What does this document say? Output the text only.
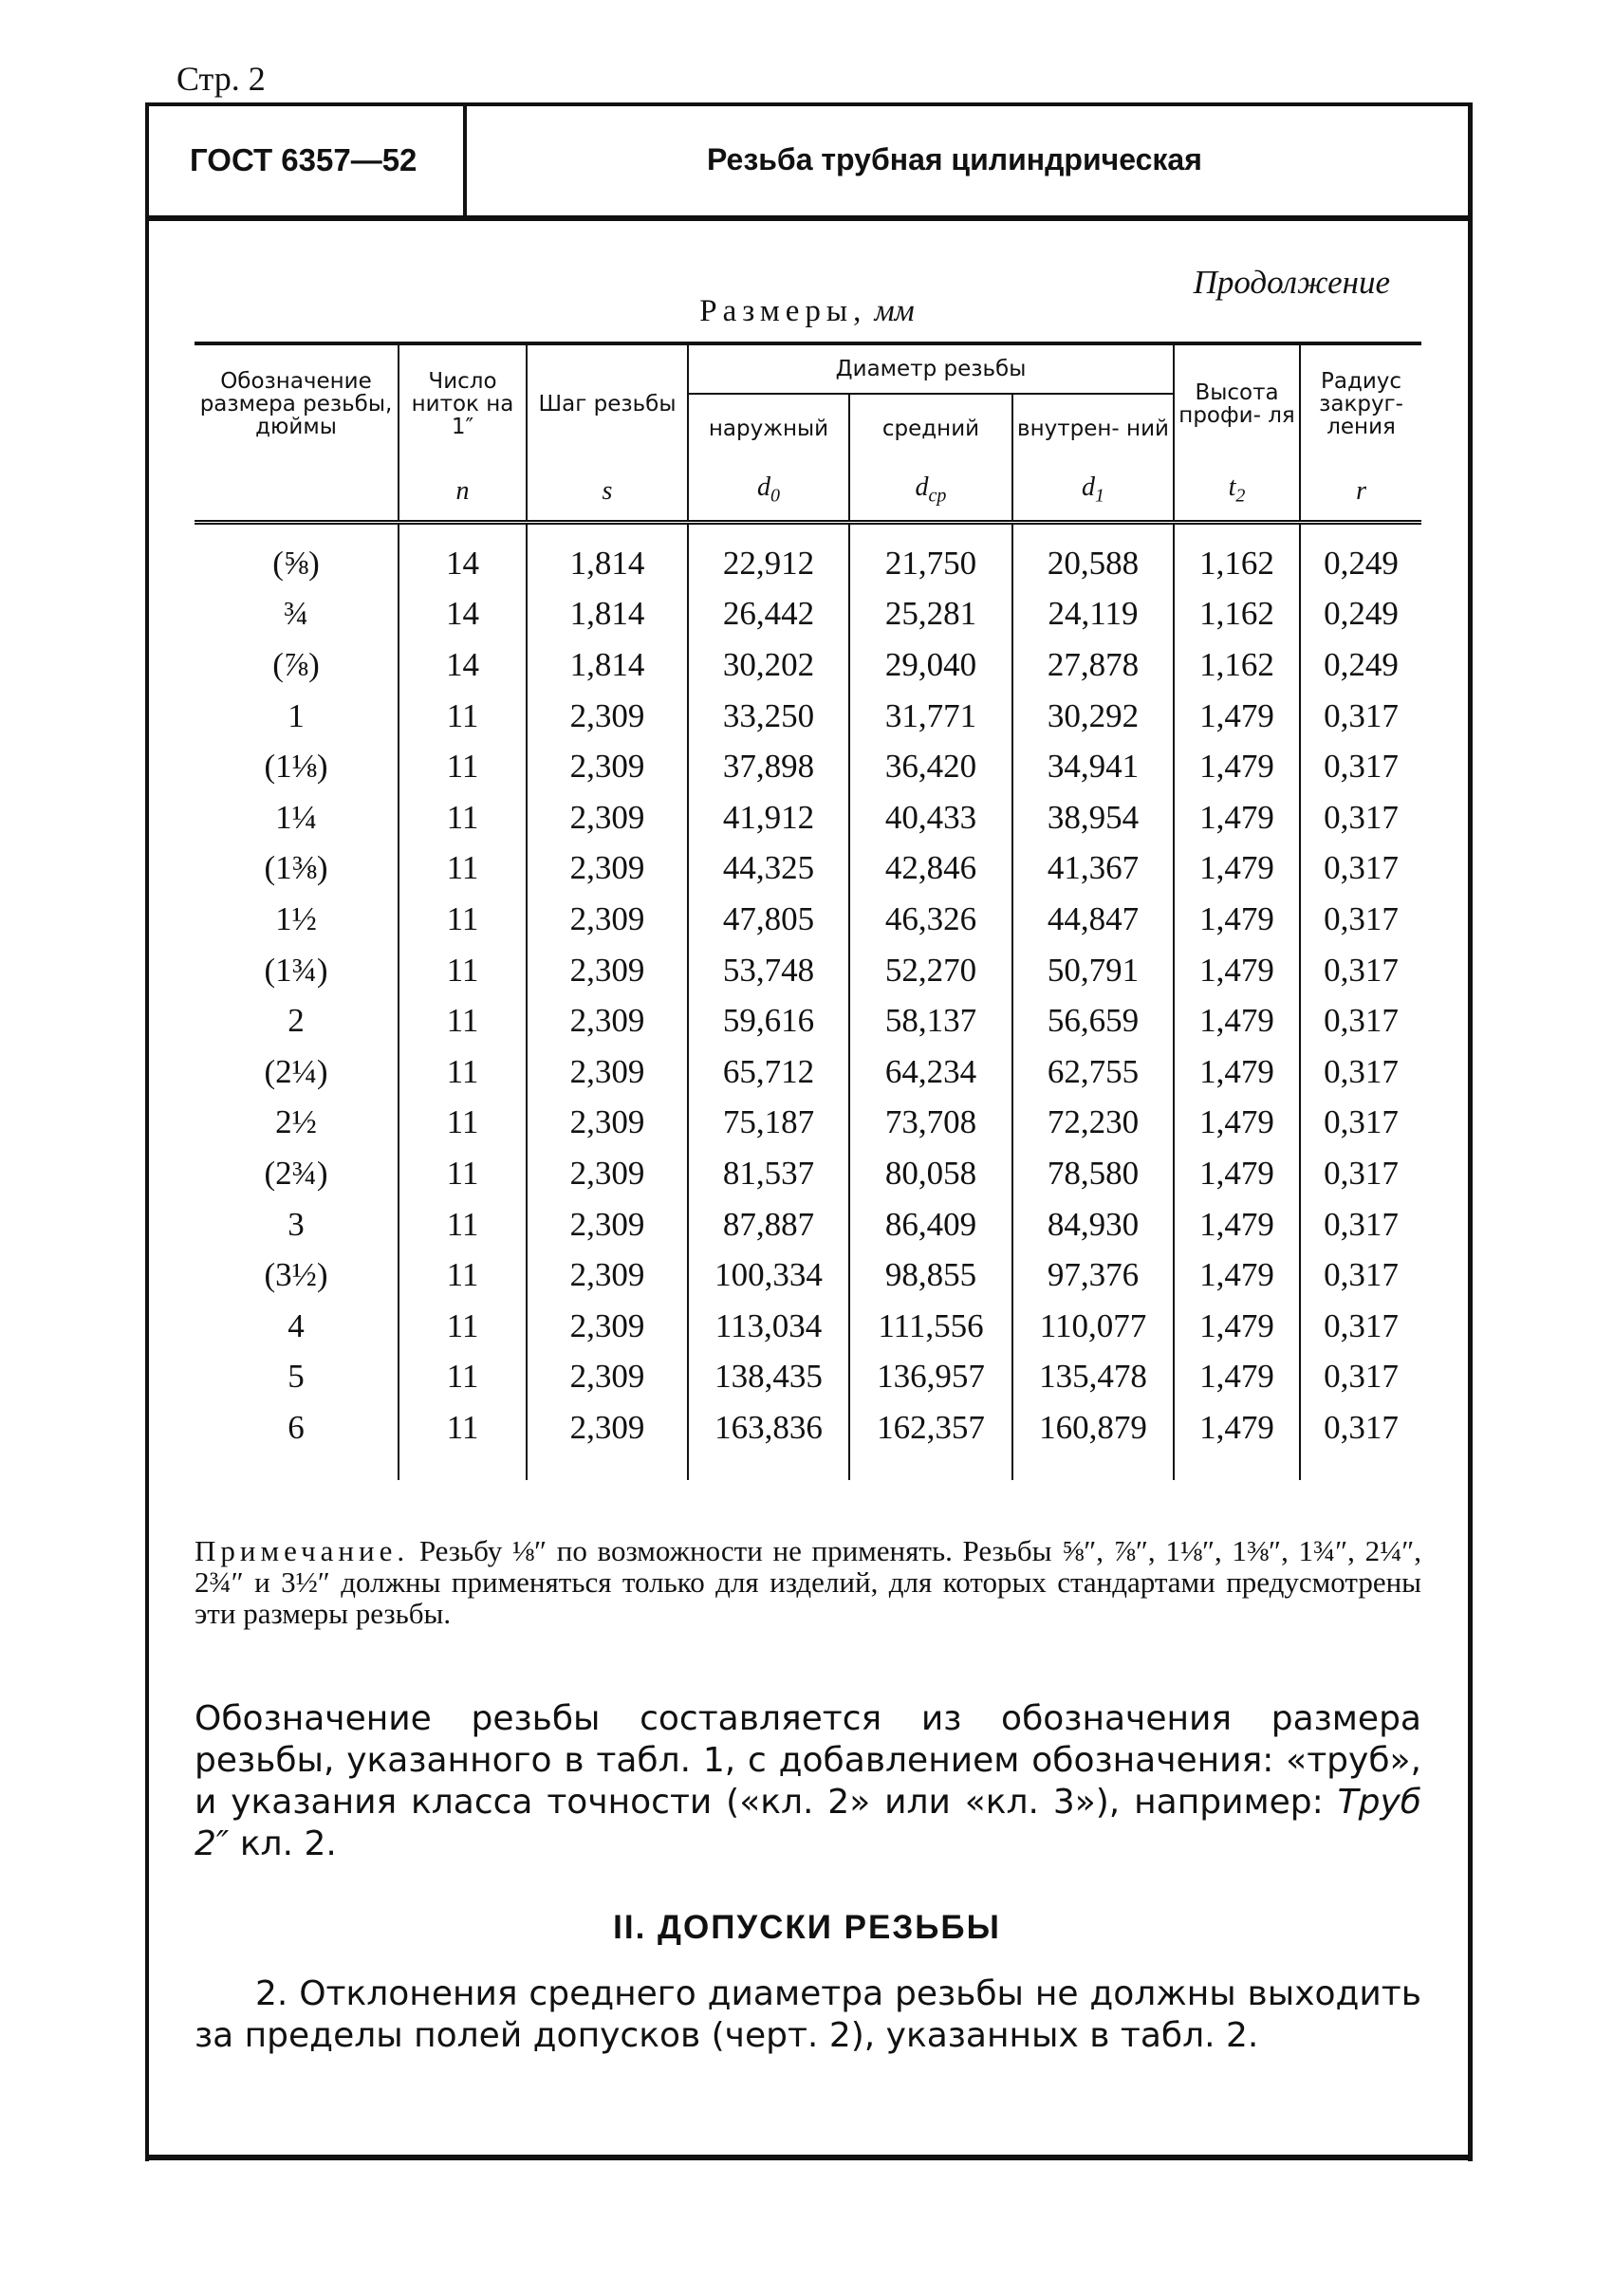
Стр. 2
ГОСТ 6357—52	Резьба трубная цилиндрическая
Продолжение
Размеры, мм
Обозначение размера резьбы, дюймы	Число ниток на 1″	Шаг резьбы	Диаметр резьбы			Высота профи- ля	Радиус закруг- ления
			наружный	средний	внутрен- ний		
	n	s	$d_0$	$d_{ср}$	$d_1$	$t_2$	r
(⅝)	14	1,814	22,912	21,750	20,588	1,162	0,249
¾	14	1,814	26,442	25,281	24,119	1,162	0,249
(⅞)	14	1,814	30,202	29,040	27,878	1,162	0,249
1	11	2,309	33,250	31,771	30,292	1,479	0,317
(1⅛)	11	2,309	37,898	36,420	34,941	1,479	0,317
1¼	11	2,309	41,912	40,433	38,954	1,479	0,317
(1⅜)	11	2,309	44,325	42,846	41,367	1,479	0,317
1½	11	2,309	47,805	46,326	44,847	1,479	0,317
(1¾)	11	2,309	53,748	52,270	50,791	1,479	0,317
2	11	2,309	59,616	58,137	56,659	1,479	0,317
(2¼)	11	2,309	65,712	64,234	62,755	1,479	0,317
2½	11	2,309	75,187	73,708	72,230	1,479	0,317
(2¾)	11	2,309	81,537	80,058	78,580	1,479	0,317
3	11	2,309	87,887	86,409	84,930	1,479	0,317
(3½)	11	2,309	100,334	98,855	97,376	1,479	0,317
4	11	2,309	113,034	111,556	110,077	1,479	0,317
5	11	2,309	138,435	136,957	135,478	1,479	0,317
6	11	2,309	163,836	162,357	160,879	1,479	0,317
Примечание. Резьбу ⅛″ по возможности не применять. Резьбы ⅝″, ⅞″, 1⅛″, 1⅜″, 1¾″, 2¼″, 2¾″ и 3½″ должны применяться только для изделий, для которых стандартами предусмотрены эти размеры резьбы.
Обозначение резьбы составляется из обозначения размера резьбы, указанного в табл. 1, с добавлением обозначения: «труб», и указания класса точности («кл. 2» или «кл. 3»), например: Труб 2″ кл. 2.
II. ДОПУСКИ РЕЗЬБЫ
2. Отклонения среднего диаметра резьбы не должны выходить за пределы полей допусков (черт. 2), указанных в табл. 2.
